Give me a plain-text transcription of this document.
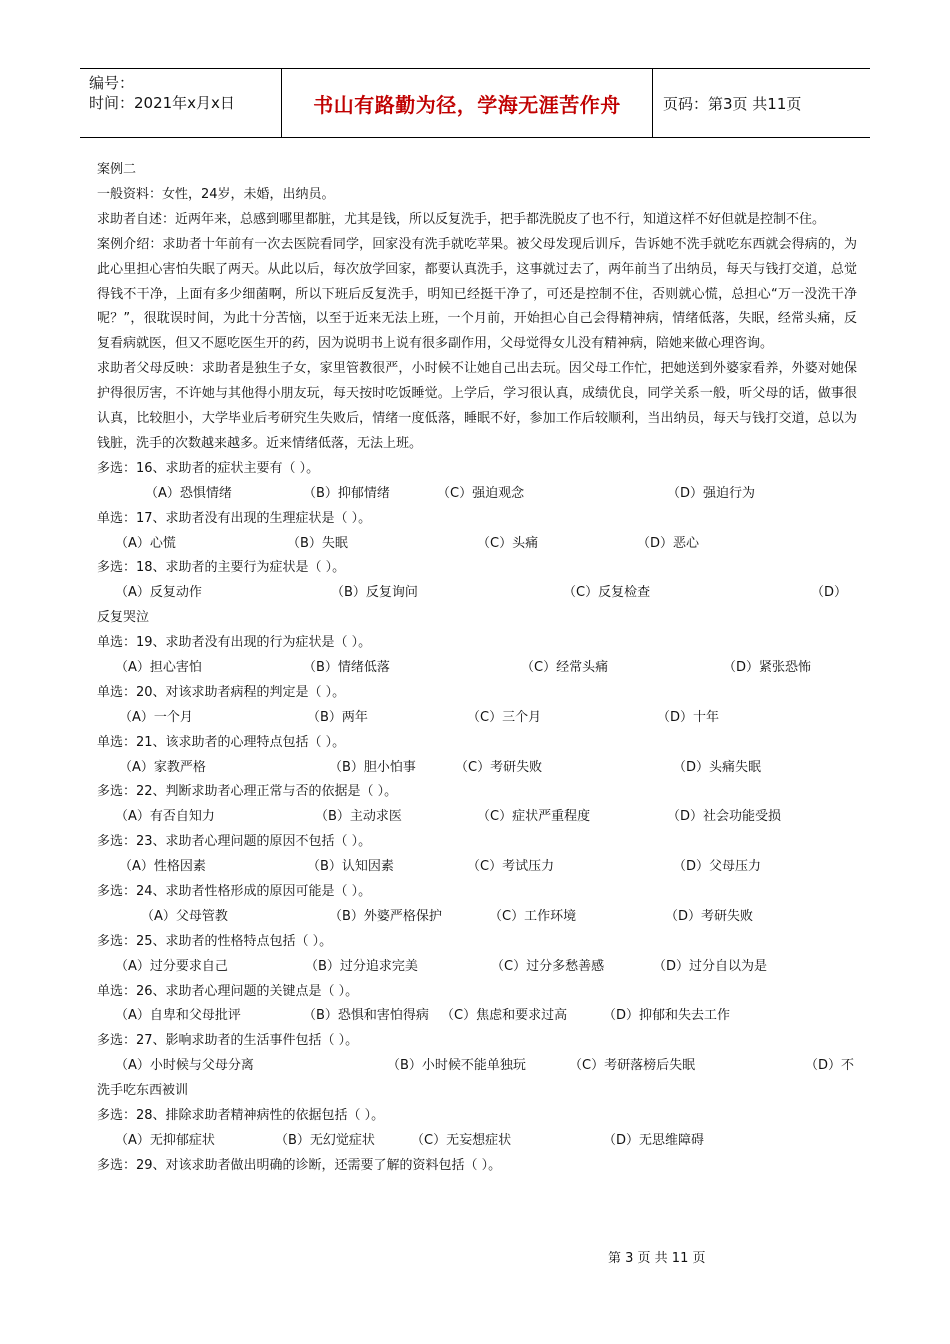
编号：
时间：2021年x月x日	书山有路勤为径，学海无涯苦作舟	页码：第3页 共11页

案例二

一般资料：女性，24岁，未婚，出纳员。

求助者自述：近两年来，总感到哪里都脏，尤其是钱，所以反复洗手，把手都洗脱皮了也不行，知道这样不好但就是控制不住。

案例介绍：求助者十年前有一次去医院看同学，回家没有洗手就吃苹果。被父母发现后训斥，告诉她不洗手就吃东西就会得病的，为此心里担心害怕失眠了两天。从此以后，每次放学回家，都要认真洗手，这事就过去了，两年前当了出纳员，每天与钱打交道，总觉得钱不干净，上面有多少细菌啊，所以下班后反复洗手，明知已经挺干净了，可还是控制不住，否则就心慌，总担心“万一没洗干净呢？”，很耽误时间，为此十分苦恼，以至于近来无法上班，一个月前，开始担心自己会得精神病，情绪低落，失眠，经常头痛，反复看病就医，但又不愿吃医生开的药，因为说明书上说有很多副作用，父母觉得女儿没有精神病，陪她来做心理咨询。

求助者父母反映：求助者是独生子女，家里管教很严，小时候不让她自己出去玩。因父母工作忙，把她送到外婆家看养，外婆对她保护得很厉害，不许她与其他得小朋友玩，每天按时吃饭睡觉。上学后，学习很认真，成绩优良，同学关系一般，听父母的话，做事很认真，比较胆小，大学毕业后考研究生失败后，情绪一度低落，睡眠不好，参加工作后较顺利，当出纳员，每天与钱打交道，总以为钱脏，洗手的次数越来越多。近来情绪低落，无法上班。

多选：16、求助者的症状主要有（ ）。
（A）恐惧情绪	（B）抑郁情绪	（C）强迫观念	（D）强迫行为
单选：17、求助者没有出现的生理症状是（ ）。
（A）心慌	（B）失眠	（C）头痛	（D）恶心
多选：18、求助者的主要行为症状是（ ）。
（A）反复动作	（B）反复询问	（C）反复检查	（D）
反复哭泣
单选：19、求助者没有出现的行为症状是（ ）。
（A）担心害怕	（B）情绪低落	（C）经常头痛	（D）紧张恐怖
单选：20、对该求助者病程的判定是（ ）。
（A）一个月	（B）两年	（C）三个月	（D）十年
单选：21、该求助者的心理特点包括（ ）。
（A）家教严格	（B）胆小怕事	（C）考研失败	（D）头痛失眠
多选：22、判断求助者心理正常与否的依据是（ ）。
（A）有否自知力	（B）主动求医	（C）症状严重程度	（D）社会功能受损
多选：23、求助者心理问题的原因不包括（ ）。
（A）性格因素	（B）认知因素	（C）考试压力	（D）父母压力
多选：24、求助者性格形成的原因可能是（ ）。
（A）父母管教	（B）外婆严格保护	（C）工作环境	（D）考研失败
多选：25、求助者的性格特点包括（ ）。
（A）过分要求自己	（B）过分追求完美	（C）过分多愁善感	（D）过分自以为是
单选：26、求助者心理问题的关键点是（ ）。
（A）自卑和父母批评	（B）恐惧和害怕得病 （C）焦虑和要求过高	（D）抑郁和失去工作
多选：27、影响求助者的生活事件包括（ ）。
（A）小时候与父母分离	（B）小时候不能单独玩	（C）考研落榜后失眠	（D）不
洗手吃东西被训
多选：28、排除求助者精神病性的依据包括（ ）。
（A）无抑郁症状	（B）无幻觉症状	（C）无妄想症状	（D）无思维障碍
多选：29、对该求助者做出明确的诊断，还需要了解的资料包括（ ）。
第 3 页 共 11 页
